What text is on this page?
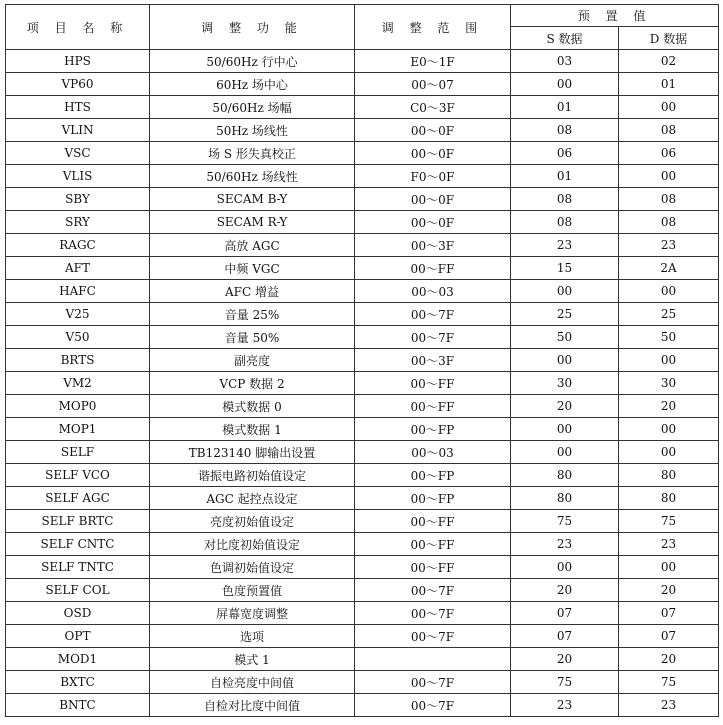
项 目 名 称	调 整 功 能	调 整 范 围	预 置 值	
			S 数据	D 数据
HPS	50/60Hz 行中心	E0～1F	03	02
VP60	60Hz 场中心	00～07	00	01
HTS	50/60Hz 场幅	C0～3F	01	00
VLIN	50Hz 场线性	00～0F	08	08
VSC	场 S 形失真校正	00～0F	06	06
VLIS	50/60Hz 场线性	F0～0F	01	00
SBY	SECAM B-Y	00～0F	08	08
SRY	SECAM R-Y	00～0F	08	08
RAGC	高放 AGC	00～3F	23	23
AFT	中频 VGC	00～FF	15	2A
HAFC	AFC 增益	00～03	00	00
V25	音量 25%	00～7F	25	25
V50	音量 50%	00～7F	50	50
BRTS	副亮度	00～3F	00	00
VM2	VCP 数据 2	00～FF	30	30
MOP0	模式数据 0	00～FF	20	20
MOP1	模式数据 1	00～FP	00	00
SELF	TB123140 脚输出设置	00～03	00	00
SELF VCO	谐振电路初始值设定	00～FP	80	80
SELF AGC	AGC 起控点设定	00～FP	80	80
SELF BRTC	亮度初始值设定	00～FF	75	75
SELF CNTC	对比度初始值设定	00～FF	23	23
SELF TNTC	色调初始值设定	00～FF	00	00
SELF COL	色度预置值	00～7F	20	20
OSD	屏幕宽度调整	00～7F	07	07
OPT	选项	00～7F	07	07
MOD1	模式 1		20	20
BXTC	自检亮度中间值	00～7F	75	75
BNTC	自检对比度中间值	00～7F	23	23
